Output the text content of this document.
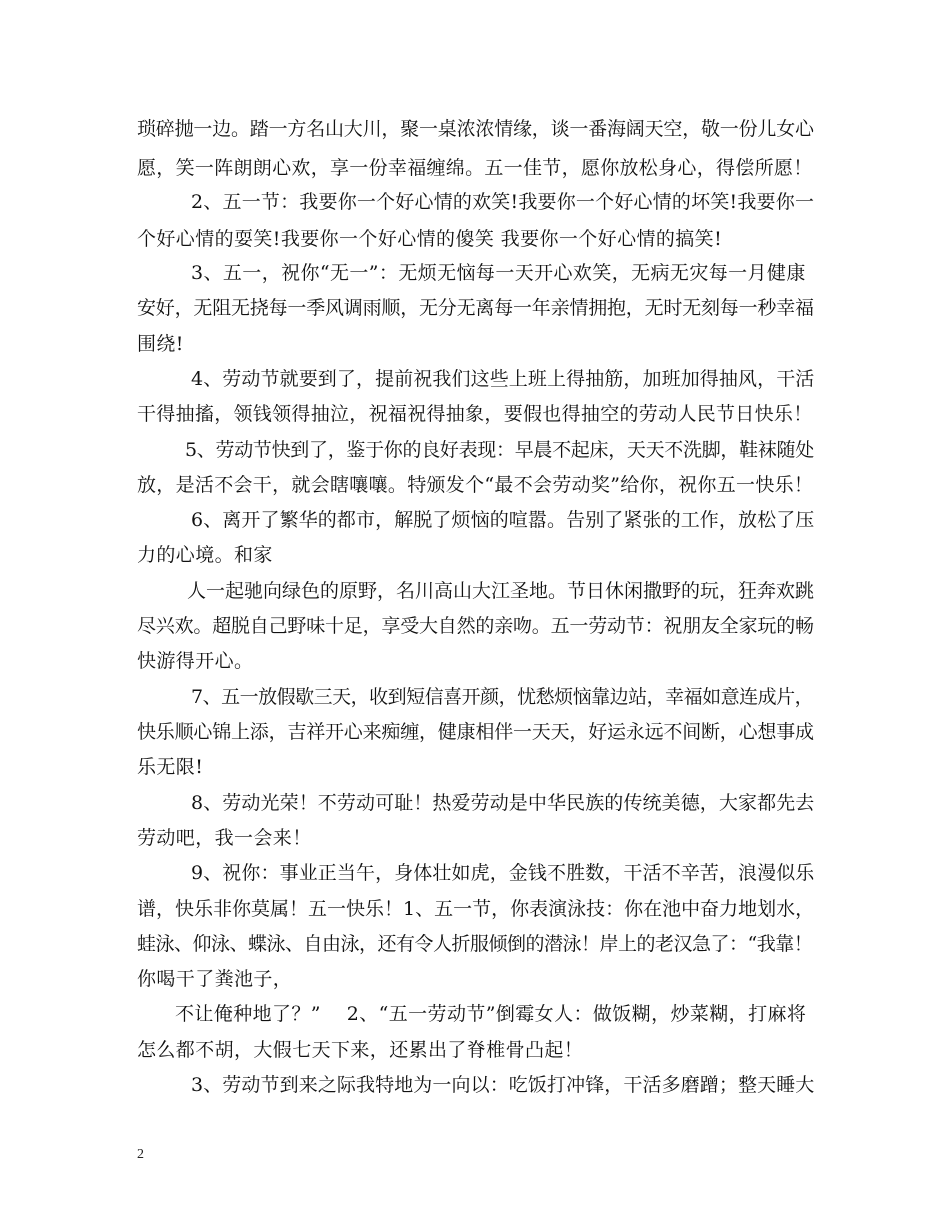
琐碎抛一边。踏一方名山大川，聚一桌浓浓情缘，谈一番海阔天空，敬一份儿女心
愿，笑一阵朗朗心欢，享一份幸福缠绵。五一佳节，愿你放松身心，得偿所愿！
2、五一节：我要你一个好心情的欢笑!我要你一个好心情的坏笑!我要你一
个好心情的耍笑!我要你一个好心情的傻笑 我要你一个好心情的搞笑!
3、五一，祝你“无一”：无烦无恼每一天开心欢笑，无病无灾每一月健康
安好，无阻无挠每一季风调雨顺，无分无离每一年亲情拥抱，无时无刻每一秒幸福
围绕!
4、劳动节就要到了，提前祝我们这些上班上得抽筋，加班加得抽风，干活
干得抽搐，领钱领得抽泣，祝福祝得抽象，要假也得抽空的劳动人民节日快乐！
5、劳动节快到了，鉴于你的良好表现：早晨不起床，天天不洗脚，鞋袜随处
放，是活不会干，就会瞎嚷嚷。特颁发个“最不会劳动奖”给你，祝你五一快乐！
6、离开了繁华的都市，解脱了烦恼的喧嚣。告别了紧张的工作，放松了压
力的心境。和家
人一起驰向绿色的原野，名川高山大江圣地。节日休闲撒野的玩，狂奔欢跳
尽兴欢。超脱自己野味十足，享受大自然的亲吻。五一劳动节：祝朋友全家玩的畅
快游得开心。
7、五一放假歇三天，收到短信喜开颜，忧愁烦恼靠边站，幸福如意连成片，
快乐顺心锦上添，吉祥开心来痴缠，健康相伴一天天，好运永远不间断，心想事成
乐无限!
8、劳动光荣！不劳动可耻！热爱劳动是中华民族的传统美德，大家都先去
劳动吧，我一会来！
9、祝你：事业正当午，身体壮如虎，金钱不胜数，干活不辛苦，浪漫似乐
谱，快乐非你莫属！五一快乐！1、五一节，你表演泳技：你在池中奋力地划水，
蛙泳、仰泳、蝶泳、自由泳，还有令人折服倾倒的潜泳！岸上的老汉急了：“我靠！
你喝干了粪池子，
不让俺种地了？”　 2、“五一劳动节”倒霉女人：做饭糊，炒菜糊，打麻将
怎么都不胡，大假七天下来，还累出了脊椎骨凸起！
3、劳动节到来之际我特地为一向以：吃饭打冲锋，干活多磨蹭；整天睡大
2
